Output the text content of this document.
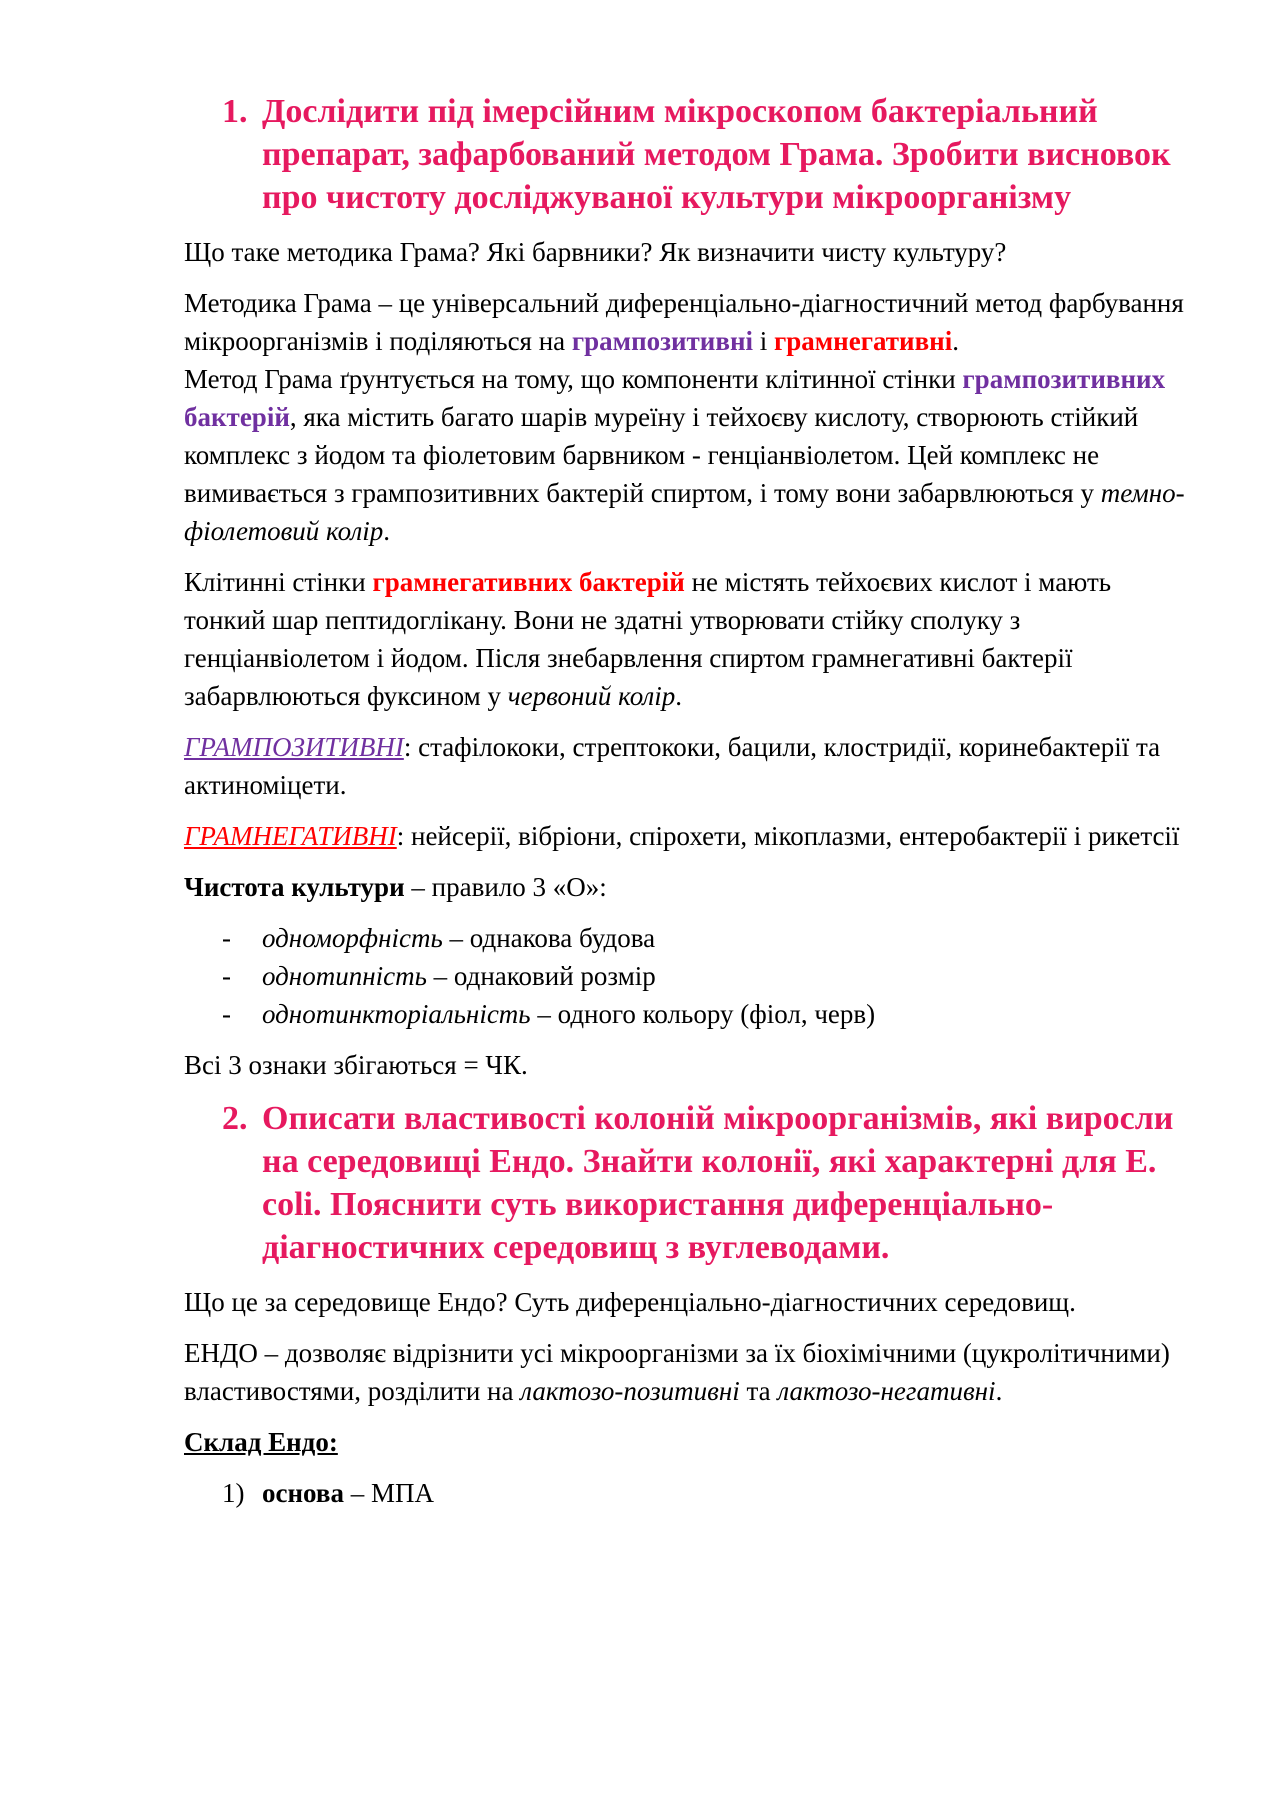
1. Дослідити під імерсійним мікроскопом бактеріальний препарат, зафарбований методом Грама. Зробити висновок про чистоту досліджуваної культури мікроорганізму

Що таке методика Грама? Які барвники? Як визначити чисту культуру?

Методика Грама – це універсальний диференціально-діагностичний метод фарбування мікроорганізмів і поділяються на грампозитивні і грамнегативні.

Метод Грама ґрунтується на тому, що компоненти клітинної стінки грампозитивних бактерій, яка містить багато шарів муреїну і тейхоєву кислоту, створюють стійкий комплекс з йодом та фіолетовим барвником - генціанвіолетом. Цей комплекс не вимивається з грампозитивних бактерій спиртом, і тому вони забарвлюються у темно-фіолетовий колір.

Клітинні стінки грамнегативних бактерій не містять тейхоєвих кислот і мають тонкий шар пептидоглікану. Вони не здатні утворювати стійку сполуку з генціанвіолетом і йодом. Після знебарвлення спиртом грамнегативні бактерії забарвлюються фуксином у червоний колір.

ГРАМПОЗИТИВНІ: стафілококи, стрептококи, бацили, клостридії, коринебактерії та актиноміцети.

ГРАМНЕГАТИВНІ: нейсерії, вібріони, спірохети, мікоплазми, ентеробактерії і рикетсії

Чистота культури – правило 3 «О»:

-	одноморфність – однакова будова
-	однотипність – однаковий розмір
-	однотинкторіальність – одного кольору (фіол, черв)

Всі 3 ознаки збігаються = ЧК.

2. Описати властивості колоній мікроорганізмів, які виросли на середовищі Ендо. Знайти колонії, які характерні для E. coli. Пояснити суть використання диференціально-діагностичних середовищ з вуглеводами.

Що це за середовище Ендо? Суть диференціально-діагностичних середовищ.

ЕНДО – дозволяє відрізнити усі мікроорганізми за їх біохімічними (цукролітичними) властивостями, розділити на лактозо-позитивні та лактозо-негативні.

Склад Ендо:

1) основа – МПА
